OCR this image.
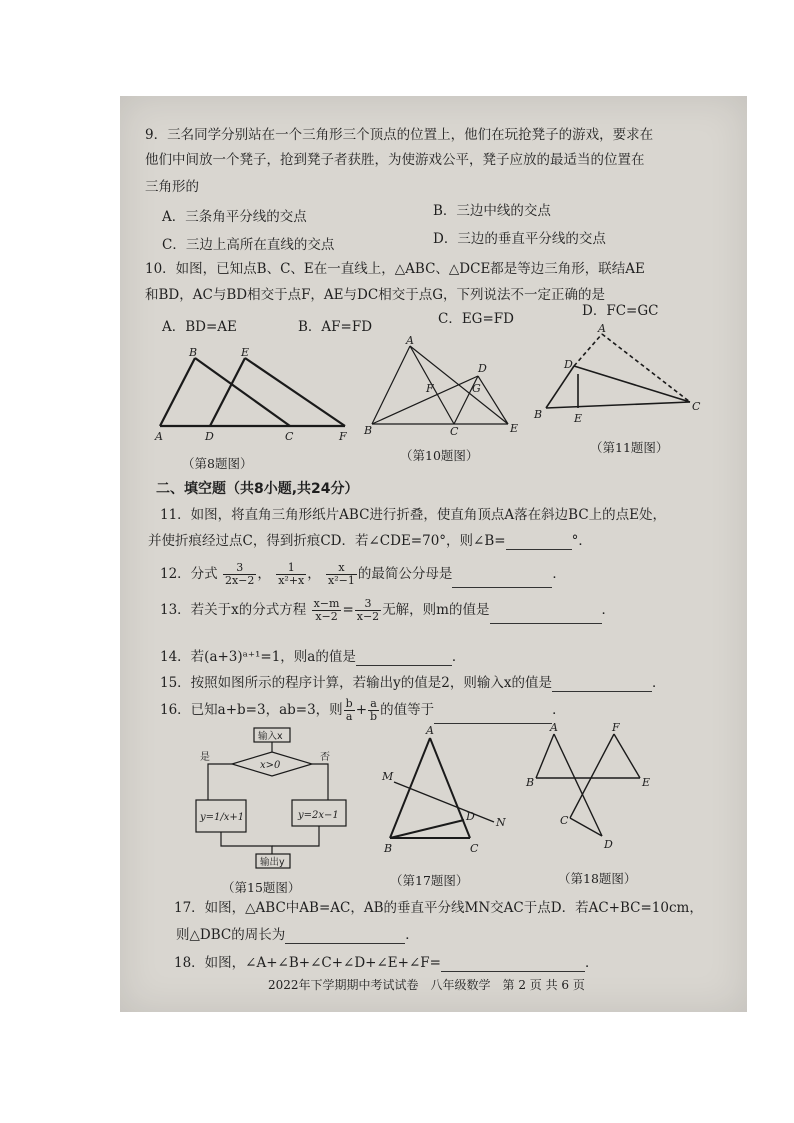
9．三名同学分别站在一个三角形三个顶点的位置上，他们在玩抢凳子的游戏，要求在
他们中间放一个凳子，抢到凳子者获胜，为使游戏公平，凳子应放的最适当的位置在
三角形的
A．三条角平分线的交点	B．三边中线的交点
C．三边上高所在直线的交点	D．三边的垂直平分线的交点
10．如图，已知点B、C、E在一直线上，△ABC、△DCE都是等边三角形，联结AE
和BD，AC与BD相交于点F，AE与DC相交于点G，下列说法不一定正确的是
A．BD=AE	B．AF=FD	C．EG=FD	D．FC=GC
A
B
D
E
C	F
（第8题图）
A
B	C
D
E
F	G
（第10题图）
A
B
C
D
E
（第11题图）
二、填空题（共8小题,共24分）
11．如图，将直角三角形纸片ABC进行折叠，使直角顶点A落在斜边BC上的点E处，
并使折痕经过点C，得到折痕CD．若∠CDE=70°，则∠B=	°．
12．分式 $\frac{3}{2x-2}$ ， $\frac{1}{\text{x²+x}}$ ， $\frac{x}{\text{x²−1}}$ 的最简公分母是	．
13．若关于x的分式方程 $\frac{x-m}{x-2} = \frac{3}{x-2}$ 无解，则m的值是	．
14．若(a+3)ᵃ⁺¹=1，则a的值是	．
15．按照如图所示的程序计算，若输出y的值是2，则输入x的值是	．
16．已知a+b=3，ab=3，则 $\frac{b}{a} + \frac{a}{b}$ 的值等于	．
输入x
x>0
是	否
y=1/x+1	y=2x−1
输出y
（第15题图）
A
B	C
D
M
N
（第17题图）
A
B
C
D
E
F
（第18题图）
17．如图，△ABC中AB=AC，AB的垂直平分线MN交AC于点D．若AC+BC=10cm，
则△DBC的周长为	．
18．如图，∠A+∠B+∠C+∠D+∠E+∠F=	．
2022年下学期期中考试试卷　八年级数学　第 2 页 共 6 页
